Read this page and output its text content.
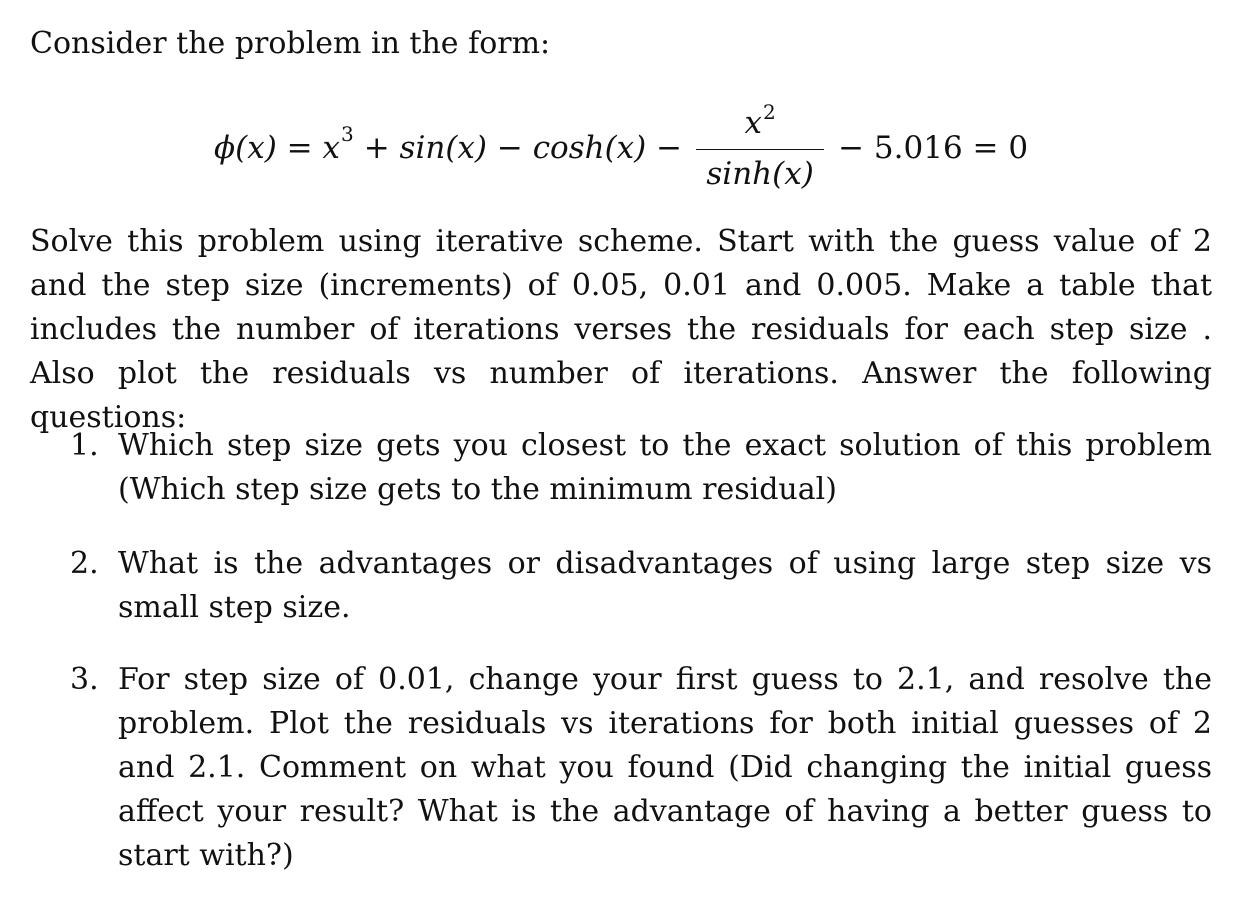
Consider the problem in the form:

ϕ (x) = x $3 + \sin(x) - \cosh(x) - \frac{x^2}{\sinh(x)} - 5.016 = 0$

Solve this problem using iterative scheme. Start with the guess value of 2 and the step size (increments) of 0.05, 0.01 and 0.005. Make a table that includes the number of iterations verses the residuals for each step size . Also plot the residuals vs number of iterations. Answer the following questions:

1. Which step size gets you closest to the exact solution of this problem (Which step size gets to the minimum residual)
2. What is the advantages or disadvantages of using large step size vs small step size.
3. For step size of 0.01, change your first guess to 2.1, and resolve the problem. Plot the residuals vs iterations for both initial guesses of 2 and 2.1. Comment on what you found (Did changing the initial guess affect your result? What is the advantage of having a better guess to start with?)
